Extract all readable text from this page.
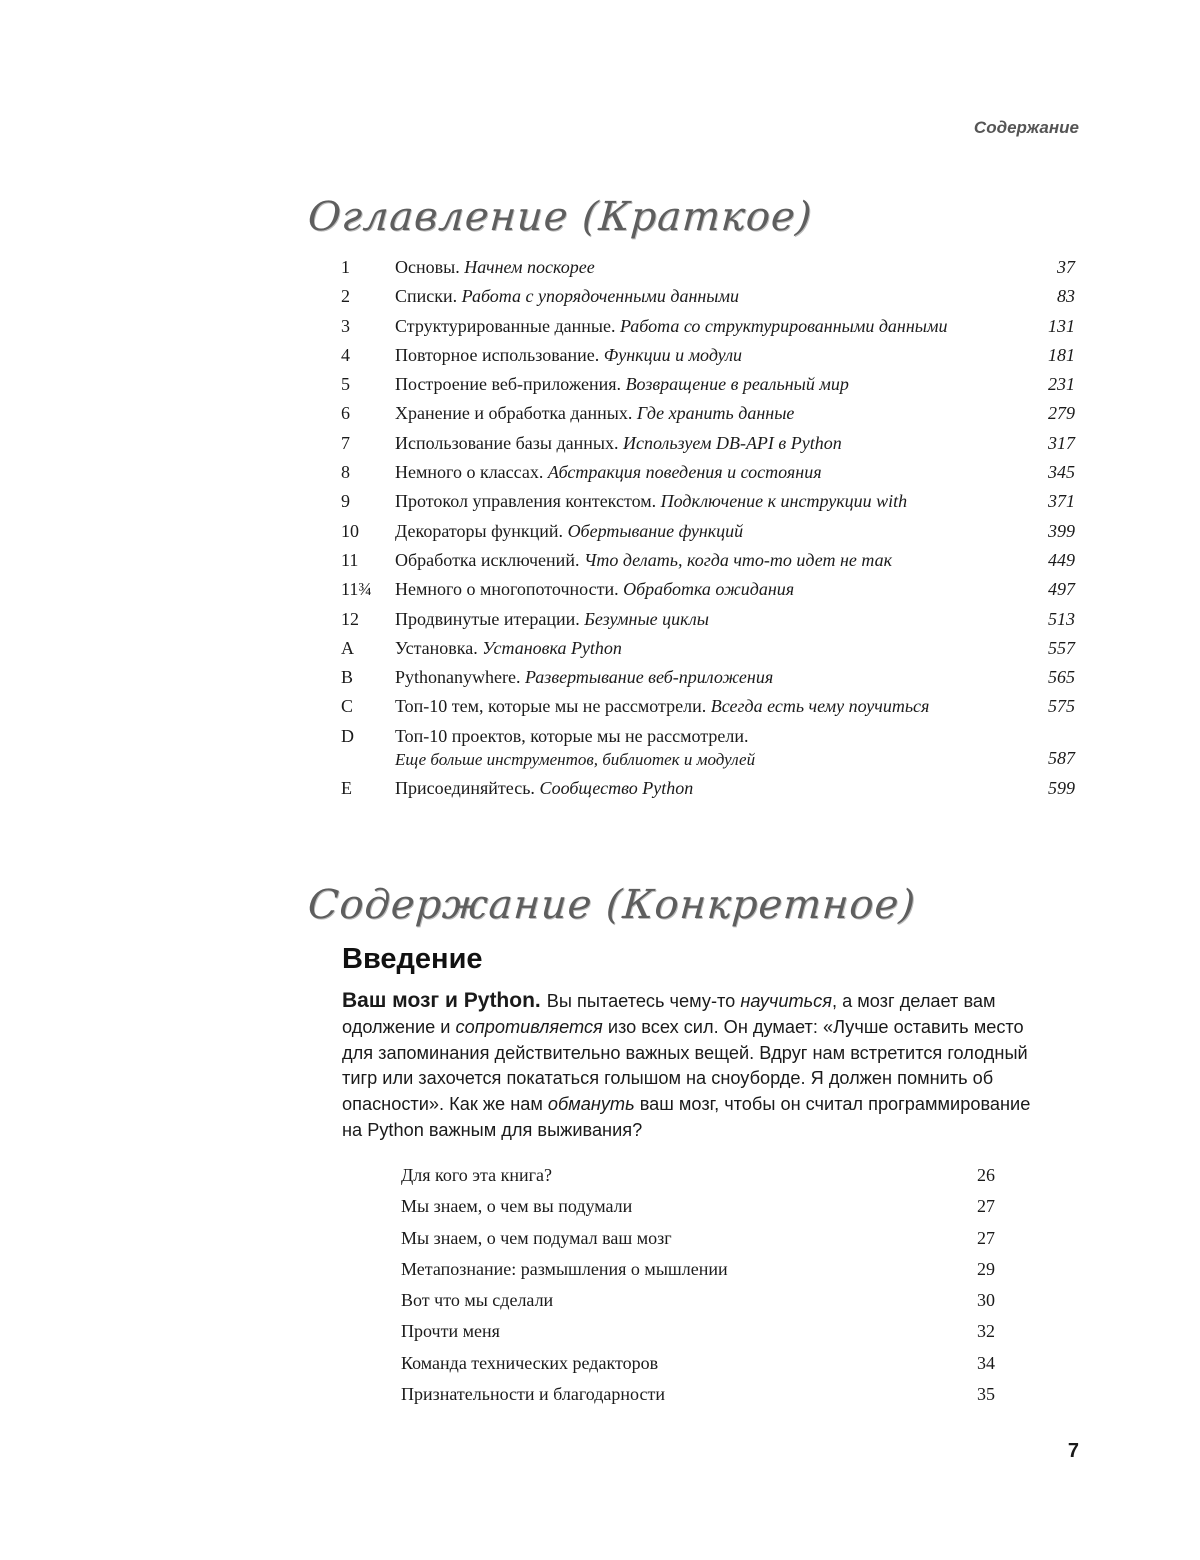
Содержание
Оглавление (Краткое)
1	Основы. Начнем поскорее	37
2	Списки. Работа с упорядоченными данными	83
3	Структурированные данные. Работа со структурированными данными	131
4	Повторное использование. Функции и модули	181
5	Построение веб-приложения. Возвращение в реальный мир	231
6	Хранение и обработка данных. Где хранить данные	279
7	Использование базы данных. Используем DB-API в Python	317
8	Немного о классах. Абстракция поведения и состояния	345
9	Протокол управления контекстом. Подключение к инструкции with	371
10	Декораторы функций. Обертывание функций	399
11	Обработка исключений. Что делать, когда что-то идет не так	449
11¾	Немного о многопоточности. Обработка ожидания	497
12	Продвинутые итерации. Безумные циклы	513
A	Установка. Установка Python	557
B	Pythonanywhere. Развертывание веб-приложения	565
C	Топ-10 тем, которые мы не рассмотрели. Всегда есть чему поучиться	575
D	Топ-10 проектов, которые мы не рассмотрели.
Еще больше инструментов, библиотек и модулей	587
E	Присоединяйтесь. Сообщество Python	599
Содержание (Конкретное)
Введение
Ваш мозг и Python. Вы пытаетесь чему-то научиться, а мозг делает вам одолжение и сопротивляется изо всех сил. Он думает: «Лучше оставить место для запоминания действительно важных вещей. Вдруг нам встретится голодный тигр или захочется покататься голышом на сноуборде. Я должен помнить об опасности». Как же нам обмануть ваш мозг, чтобы он считал программирование на Python важным для выживания?
Для кого эта книга?	26
Мы знаем, о чем вы подумали	27
Мы знаем, о чем подумал ваш мозг	27
Метапознание: размышления о мышлении	29
Вот что мы сделали	30
Прочти меня	32
Команда технических редакторов	34
Признательности и благодарности	35
7
